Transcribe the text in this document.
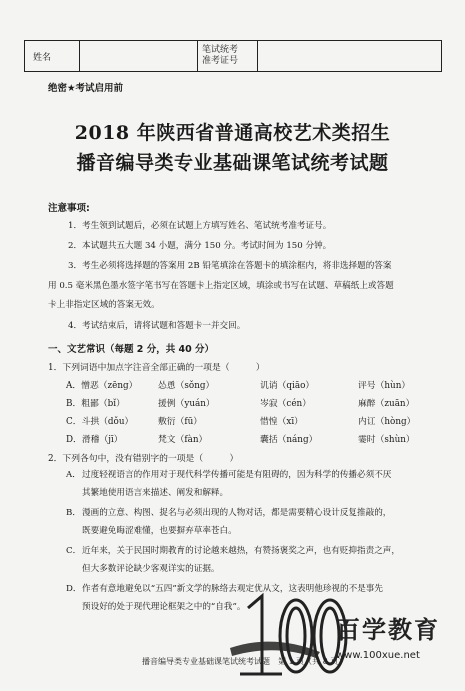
姓名
笔试统考
准考证号
绝密★考试启用前
2018 年陕西省普通高校艺术类招生
播音编导类专业基础课笔试统考试题
注意事项:
1．考生领到试题后，必须在试题上方填写姓名、笔试统考准考证号。
2．本试题共五大题 34 小题，满分 150 分。考试时间为 150 分钟。
3．考生必须将选择题的答案用 2B 铅笔填涂在答题卡的填涂框内，将非选择题的答案
用 0.5 毫米黑色墨水签字笔书写在答题卡上指定区域，填涂或书写在试题、草稿纸上或答题
卡上非指定区域的答案无效。
4．考试结束后，请将试题和答题卡一并交回。
一、文艺常识（每题 2 分，共 40 分）
1．下列词语中加点字注音全部正确的一项是（　　　）
A．憎恶（zēng）	怂恿（sǒng）	讥诮（qiāo）	评号（hùn）
B．粗鄙（bǐ）	援例（yuán）	岑寂（cén）	麻醉（zuān）
C．斗拱（dǒu）	敷衍（fū）	惜惶（xī）	内讧（hòng）
D．滑稽（jī）	梵文（fàn）	囊括（náng）	霎时（shùn）
2．下列各句中，没有错别字的一项是（　　　）
A．过度轻视语言的作用对于现代科学传播可能是有阻碍的，因为科学的传播必须不厌
其繁地使用语言来描述、阐发和解释。
B．漫画的立意、构图、捉名与必须出现的人物对话，都是需要精心设计反复推敲的，
既要避免晦涩难懂，也要摒弃草率苍白。
C．近年来，关于民国时期教育的讨论越来越热，有赞扬褒奖之声，也有贬抑指责之声，
但大多数评论缺少客观详实的证据。
D．作者有意地避免以“五四”新文学的脉络去观定优从文，这表明他珍视的不是事先
预设好的处于现代理论框架之中的“自我”。
播音编导类专业基础课笔试统考试题　第 1 页（共 8 页）
百学教育
www.100xue.net
